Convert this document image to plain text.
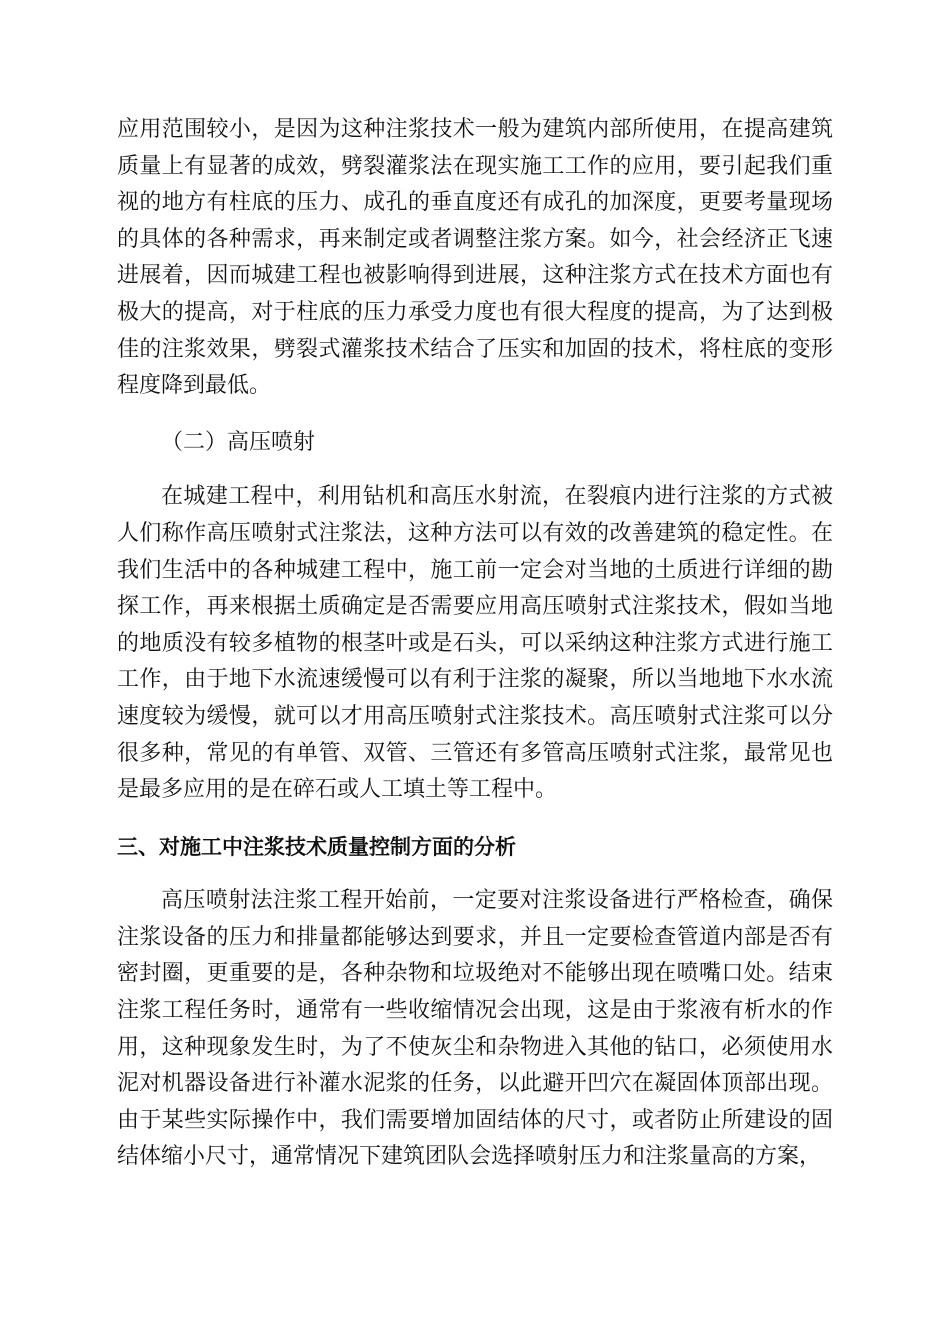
应用范围较小，是因为这种注浆技术一般为建筑内部所使用，在提高建筑质量上有显著的成效，劈裂灌浆法在现实施工工作的应用，要引起我们重视的地方有柱底的压力、成孔的垂直度还有成孔的加深度，更要考量现场的具体的各种需求，再来制定或者调整注浆方案。如今，社会经济正飞速进展着，因而城建工程也被影响得到进展，这种注浆方式在技术方面也有极大的提高，对于柱底的压力承受力度也有很大程度的提高，为了达到极佳的注浆效果，劈裂式灌浆技术结合了压实和加固的技术，将柱底的变形程度降到最低。

（二）高压喷射

在城建工程中，利用钻机和高压水射流，在裂痕内进行注浆的方式被人们称作高压喷射式注浆法，这种方法可以有效的改善建筑的稳定性。在我们生活中的各种城建工程中，施工前一定会对当地的土质进行详细的勘探工作，再来根据土质确定是否需要应用高压喷射式注浆技术，假如当地的地质没有较多植物的根茎叶或是石头，可以采纳这种注浆方式进行施工工作，由于地下水流速缓慢可以有利于注浆的凝聚，所以当地地下水水流速度较为缓慢，就可以才用高压喷射式注浆技术。高压喷射式注浆可以分很多种，常见的有单管、双管、三管还有多管高压喷射式注浆，最常见也是最多应用的是在碎石或人工填土等工程中。

三、对施工中注浆技术质量控制方面的分析

高压喷射法注浆工程开始前，一定要对注浆设备进行严格检查，确保注浆设备的压力和排量都能够达到要求，并且一定要检查管道内部是否有密封圈，更重要的是，各种杂物和垃圾绝对不能够出现在喷嘴口处。结束注浆工程任务时，通常有一些收缩情况会出现，这是由于浆液有析水的作用，这种现象发生时，为了不使灰尘和杂物进入其他的钻口，必须使用水泥对机器设备进行补灌水泥浆的任务，以此避开凹穴在凝固体顶部出现。由于某些实际操作中，我们需要增加固结体的尺寸，或者防止所建设的固结体缩小尺寸，通常情况下建筑团队会选择喷射压力和注浆量高的方案，
